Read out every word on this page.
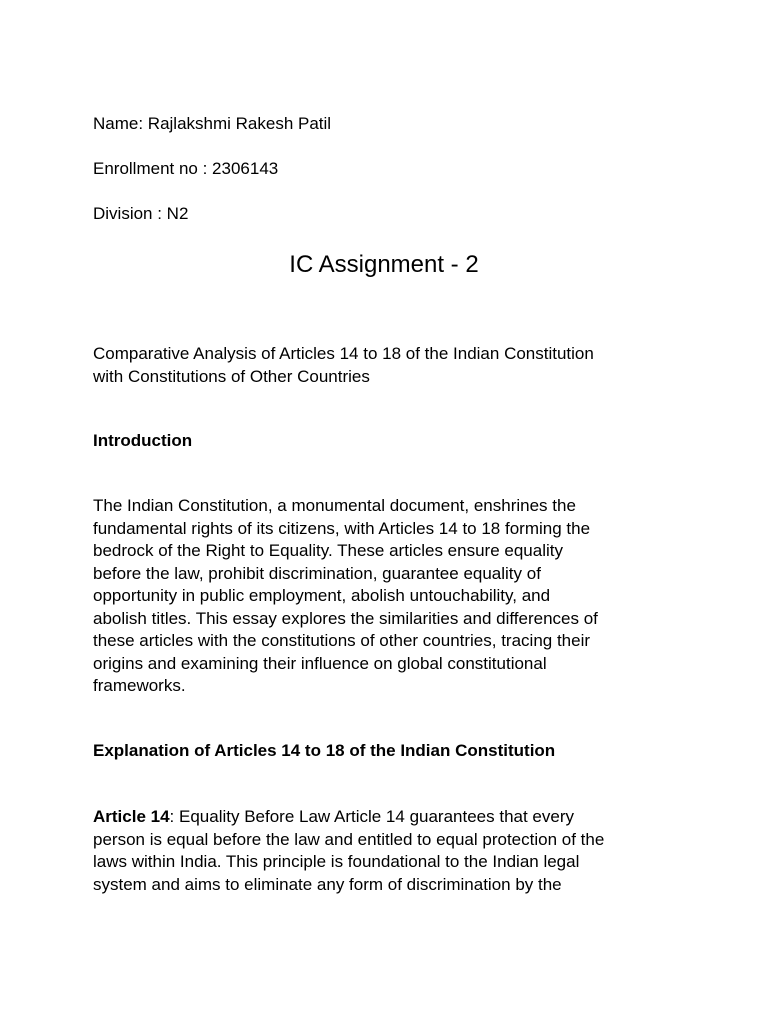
Name: Rajlakshmi Rakesh Patil

Enrollment no : 2306143

Division : N2

IC Assignment - 2

Comparative Analysis of Articles 14 to 18 of the Indian Constitution
with Constitutions of Other Countries

Introduction

The Indian Constitution, a monumental document, enshrines the
fundamental rights of its citizens, with Articles 14 to 18 forming the
bedrock of the Right to Equality. These articles ensure equality
before the law, prohibit discrimination, guarantee equality of
opportunity in public employment, abolish untouchability, and
abolish titles. This essay explores the similarities and differences of
these articles with the constitutions of other countries, tracing their
origins and examining their influence on global constitutional
frameworks.

Explanation of Articles 14 to 18 of the Indian Constitution

Article 14: Equality Before Law Article 14 guarantees that every
person is equal before the law and entitled to equal protection of the
laws within India. This principle is foundational to the Indian legal
system and aims to eliminate any form of discrimination by the
